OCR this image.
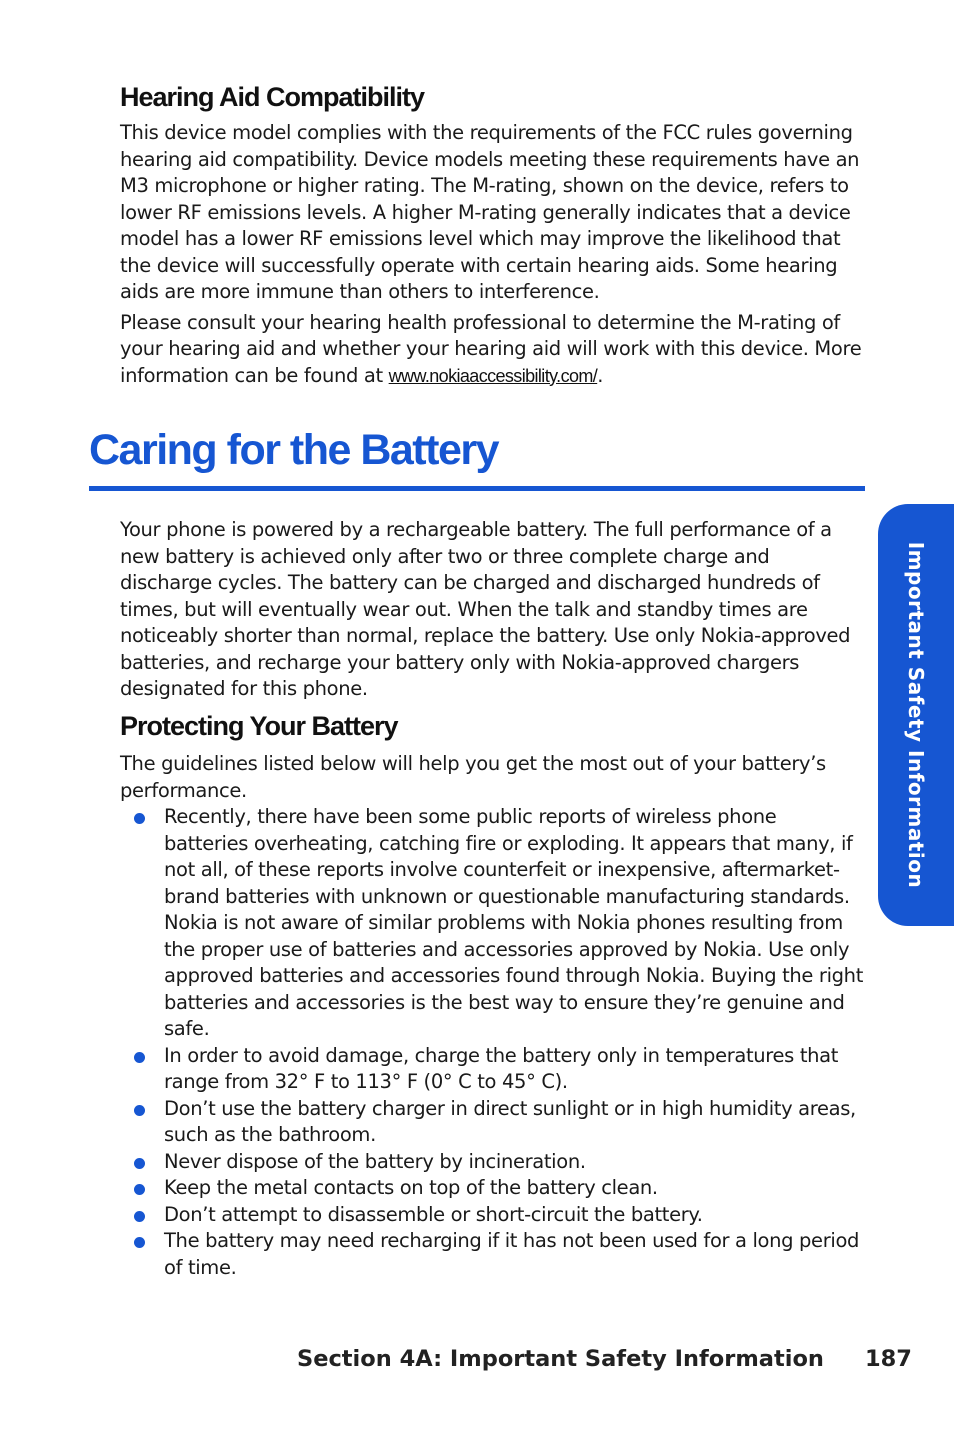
Hearing Aid Compatibility

This device model complies with the requirements of the FCC rules governing hearing aid compatibility. Device models meeting these requirements have an M3 microphone or higher rating. The M-rating, shown on the device, refers to lower RF emissions levels. A higher M-rating generally indicates that a device model has a lower RF emissions level which may improve the likelihood that the device will successfully operate with certain hearing aids. Some hearing aids are more immune than others to interference.

Please consult your hearing health professional to determine the M-rating of your hearing aid and whether your hearing aid will work with this device. More information can be found at www.nokiaaccessibility.com/.

Caring for the Battery

Your phone is powered by a rechargeable battery. The full performance of a new battery is achieved only after two or three complete charge and discharge cycles. The battery can be charged and discharged hundreds of times, but will eventually wear out. When the talk and standby times are noticeably shorter than normal, replace the battery. Use only Nokia-approved batteries, and recharge your battery only with Nokia-approved chargers designated for this phone.

Protecting Your Battery

The guidelines listed below will help you get the most out of your battery’s performance.

Recently, there have been some public reports of wireless phone batteries overheating, catching fire or exploding. It appears that many, if not all, of these reports involve counterfeit or inexpensive, aftermarket-brand batteries with unknown or questionable manufacturing standards. Nokia is not aware of similar problems with Nokia phones resulting from the proper use of batteries and accessories approved by Nokia. Use only approved batteries and accessories found through Nokia. Buying the right batteries and accessories is the best way to ensure they’re genuine and safe.
In order to avoid damage, charge the battery only in temperatures that range from 32° F to 113° F (0° C to 45° C).
Don’t use the battery charger in direct sunlight or in high humidity areas, such as the bathroom.
Never dispose of the battery by incineration.
Keep the metal contacts on top of the battery clean.
Don’t attempt to disassemble or short-circuit the battery.
The battery may need recharging if it has not been used for a long period of time.
Important Safety Information
Section 4A: Important Safety Information 187
